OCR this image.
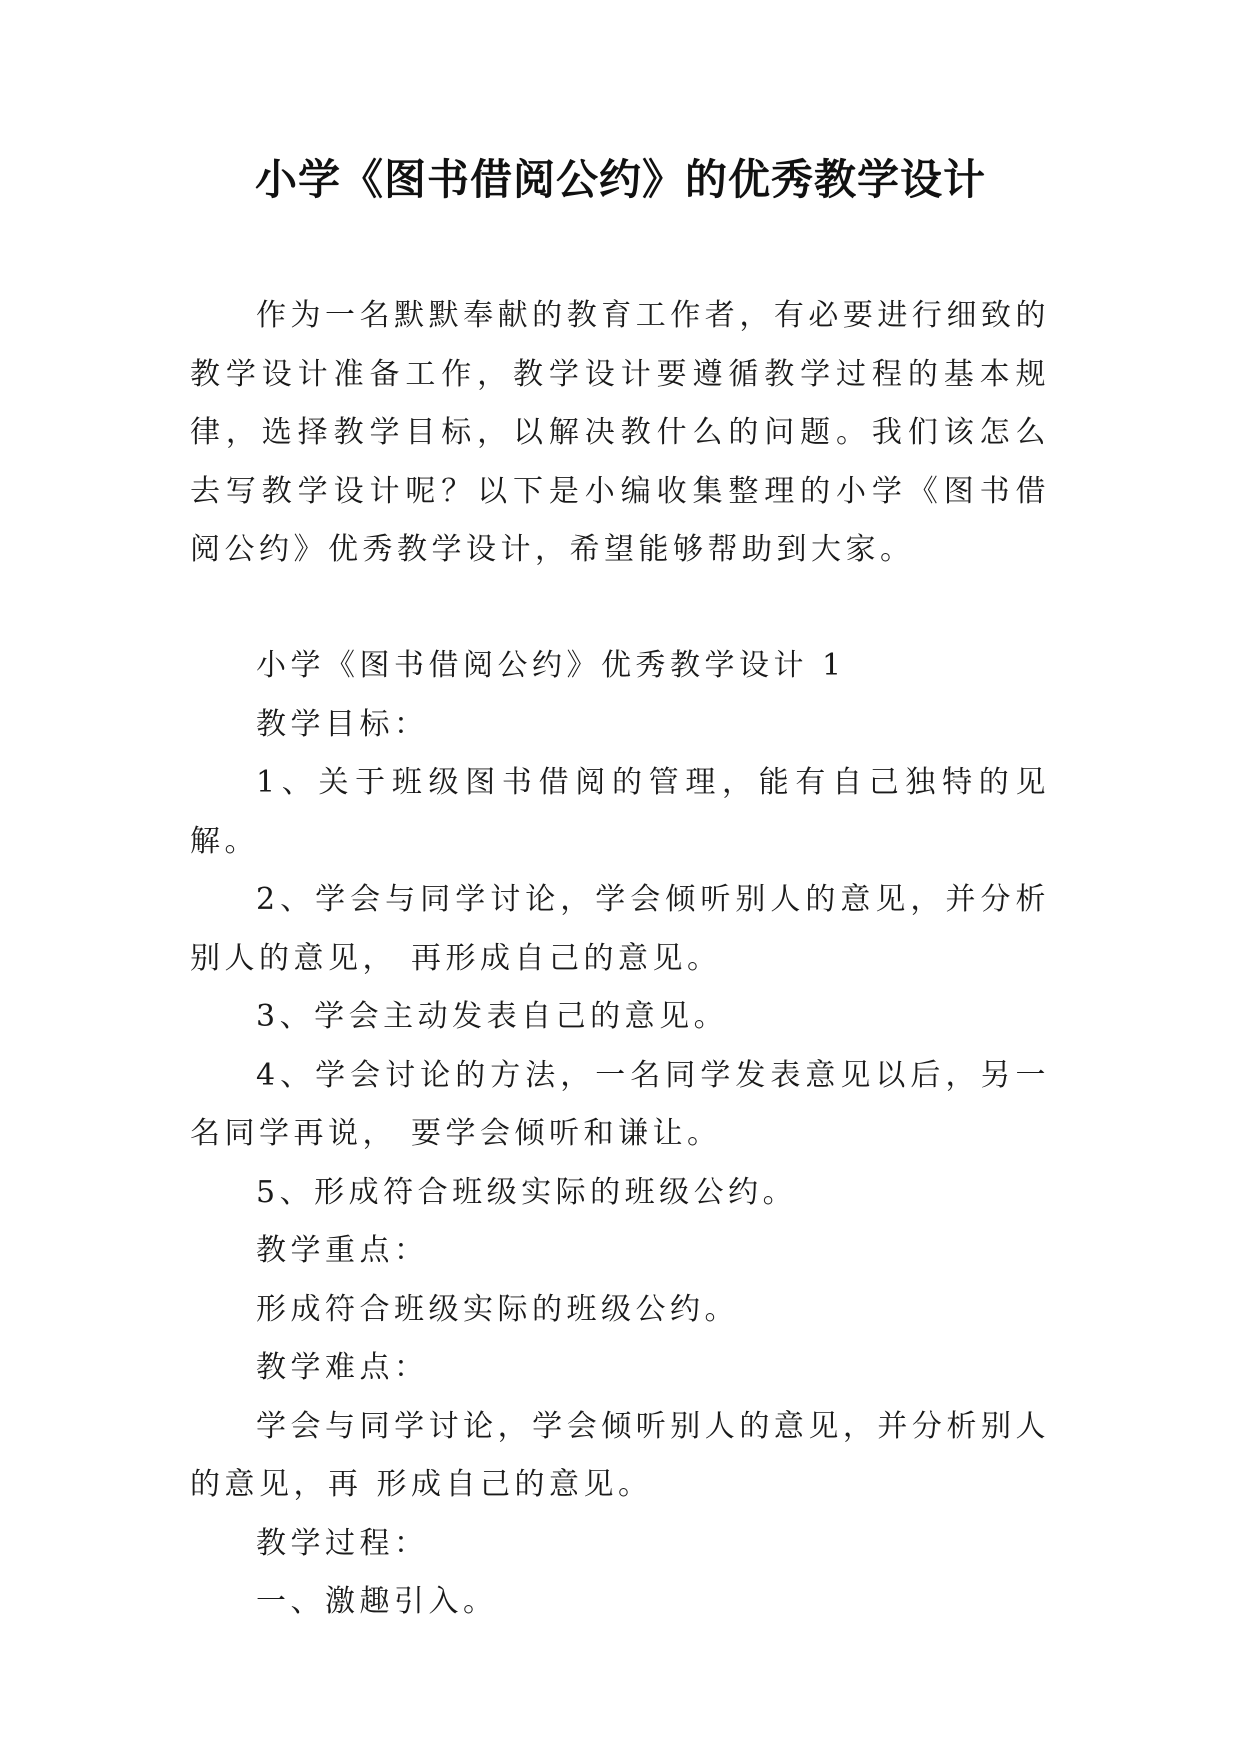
小学《图书借阅公约》的优秀教学设计

作为一名默默奉献的教育工作者，有必要进行细致的教学设计准备工作，教学设计要遵循教学过程的基本规律，选择教学目标，以解决教什么的问题。我们该怎么去写教学设计呢？以下是小编收集整理的小学《图书借阅公约》优秀教学设计，希望能够帮助到大家。

小学《图书借阅公约》优秀教学设计 1

教学目标：

1、关于班级图书借阅的管理，能有自己独特的见解。

2、学会与同学讨论，学会倾听别人的意见，并分析别人的意见， 再形成自己的意见。

3、学会主动发表自己的意见。

4、学会讨论的方法，一名同学发表意见以后，另一名同学再说， 要学会倾听和谦让。

5、形成符合班级实际的班级公约。

教学重点：

形成符合班级实际的班级公约。

教学难点：

学会与同学讨论，学会倾听别人的意见，并分析别人的意见，再 形成自己的意见。

教学过程：

一、激趣引入。
